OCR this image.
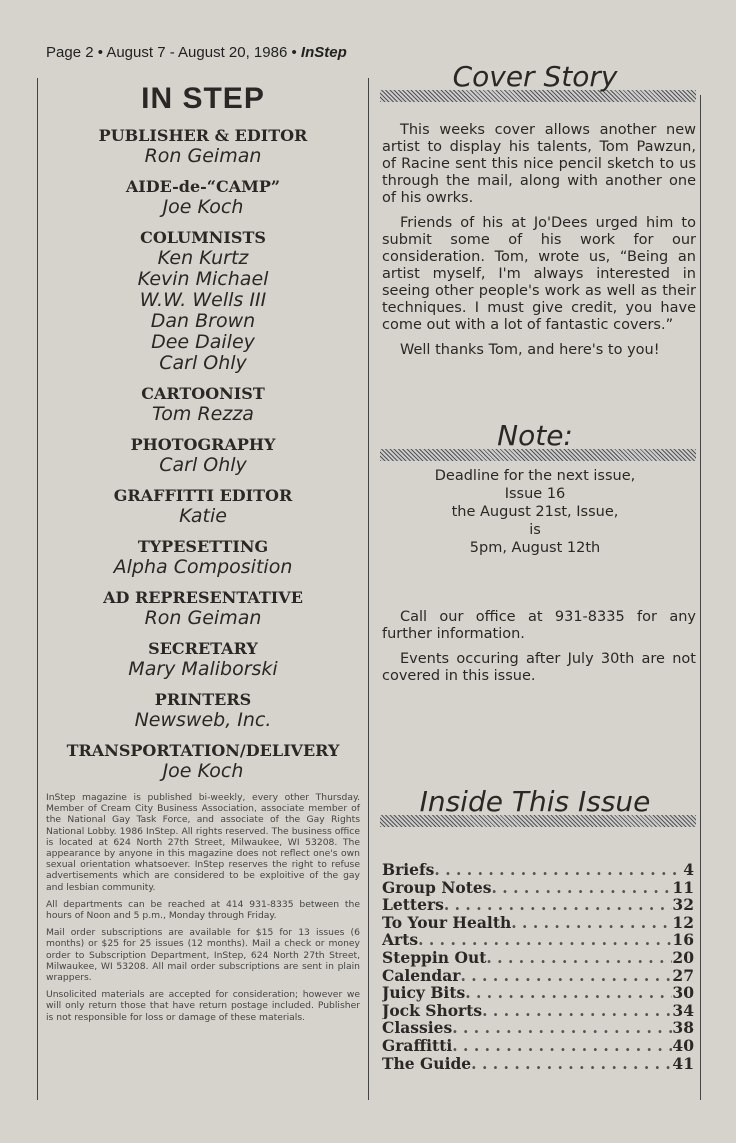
Page 2 • August 7 - August 20, 1986 • InStep
IN STEP
PUBLISHER & EDITOR
Ron Geiman
AIDE-de-“CAMP”
Joe Koch
COLUMNISTS
Ken Kurtz
Kevin Michael
W.W. Wells III
Dan Brown
Dee Dailey
Carl Ohly
CARTOONIST
Tom Rezza
PHOTOGRAPHY
Carl Ohly
GRAFFITTI EDITOR
Katie
TYPESETTING
Alpha Composition
AD REPRESENTATIVE
Ron Geiman
SECRETARY
Mary Maliborski
PRINTERS
Newsweb, Inc.
TRANSPORTATION/DELIVERY
Joe Koch

InStep magazine is published bi-weekly, every other Thursday. Member of Cream City Business Association, associate member of the National Gay Task Force, and associate of the Gay Rights National Lobby. 1986 InStep. All rights reserved. The business office is located at 624 North 27th Street, Milwaukee, WI 53208. The appearance by anyone in this magazine does not reflect one's own sexual orientation whatsoever. InStep reserves the right to refuse advertisements which are considered to be exploitive of the gay and lesbian community.

All departments can be reached at 414 931-8335 between the hours of Noon and 5 p.m., Monday through Friday.

Mail order subscriptions are available for $15 for 13 issues (6 months) or $25 for 25 issues (12 months). Mail a check or money order to Subscription Department, InStep, 624 North 27th Street, Milwaukee, WI 53208. All mail order subscriptions are sent in plain wrappers.

Unsolicited materials are accepted for consideration; however we will only return those that have return postage included. Publisher is not responsible for loss or damage of these materials.

Cover Story

This weeks cover allows another new artist to display his talents, Tom Pawzun, of Racine sent this nice pencil sketch to us through the mail, along with another one of his owrks.

Friends of his at Jo'Dees urged him to submit some of his work for our consideration. Tom, wrote us, “Being an artist myself, I'm always interested in seeing other people's work as well as their techniques. I must give credit, you have come out with a lot of fantastic covers.”

Well thanks Tom, and here's to you!

Note:
Deadline for the next issue,
Issue 16
the August 21st, Issue,
is
5pm, August 12th

Call our office at 931-8335 for any further information.

Events occuring after July 30th are not covered in this issue.

Inside This Issue
Briefs . . .	4
Group Notes . . .	11
Letters . . .	32
To Your Health . . .	12
Arts . . .	16
Steppin Out . . .	20
Calendar . . .	27
Juicy Bits . . .	30
Jock Shorts . . .	34
Classies . . .	38
Graffitti . . .	40
The Guide . . .	41
